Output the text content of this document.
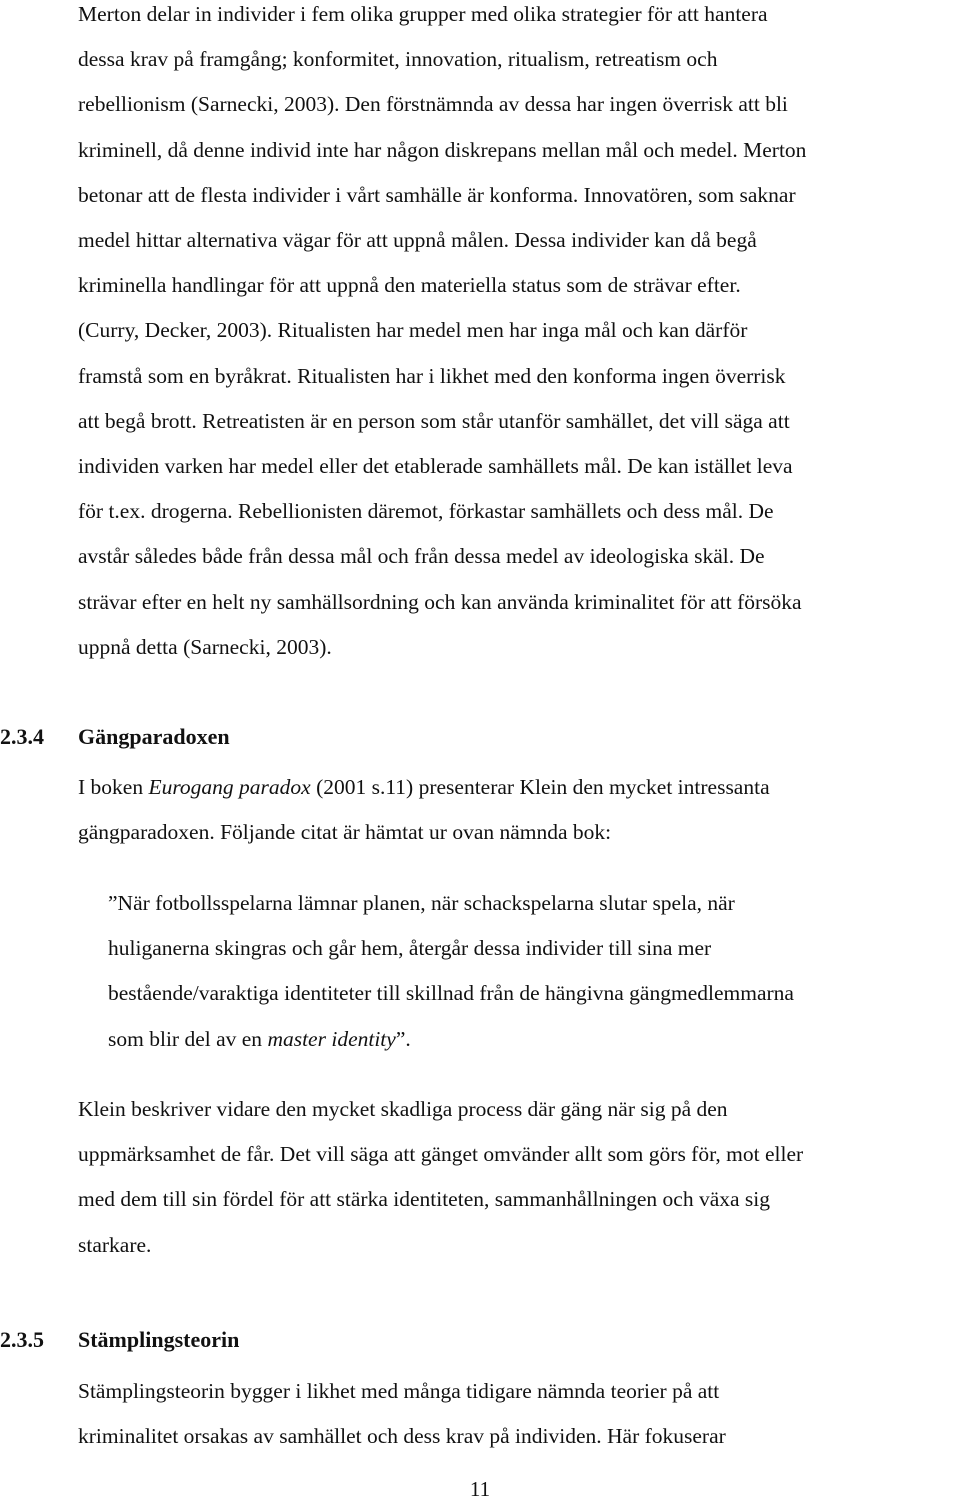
Merton delar in individer i fem olika grupper med olika strategier för att hantera
dessa krav på framgång; konformitet, innovation, ritualism, retreatism och
rebellionism (Sarnecki, 2003). Den förstnämnda av dessa har ingen överrisk att bli
kriminell, då denne individ inte har någon diskrepans mellan mål och medel. Merton
betonar att de flesta individer i vårt samhälle är konforma. Innovatören, som saknar
medel hittar alternativa vägar för att uppnå målen. Dessa individer kan då begå
kriminella handlingar för att uppnå den materiella status som de strävar efter.
(Curry, Decker, 2003). Ritualisten har medel men har inga mål och kan därför
framstå som en byråkrat. Ritualisten har i likhet med den konforma ingen överrisk
att begå brott. Retreatisten är en person som står utanför samhället, det vill säga att
individen varken har medel eller det etablerade samhällets mål. De kan istället leva
för t.ex. drogerna. Rebellionisten däremot, förkastar samhällets och dess mål. De
avstår således både från dessa mål och från dessa medel av ideologiska skäl. De
strävar efter en helt ny samhällsordning och kan använda kriminalitet för att försöka
uppnå detta (Sarnecki, 2003).
2.3.4	Gängparadoxen
I boken Eurogang paradox (2001 s.11) presenterar Klein den mycket intressanta
gängparadoxen. Följande citat är hämtat ur ovan nämnda bok:
”När fotbollsspelarna lämnar planen, när schackspelarna slutar spela, när
huliganerna skingras och går hem, återgår dessa individer till sina mer
bestående/varaktiga identiteter till skillnad från de hängivna gängmedlemmarna
som blir del av en master identity”.
Klein beskriver vidare den mycket skadliga process där gäng när sig på den
uppmärksamhet de får. Det vill säga att gänget omvänder allt som görs för, mot eller
med dem till sin fördel för att stärka identiteten, sammanhållningen och växa sig
starkare.
2.3.5	Stämplingsteorin
Stämplingsteorin bygger i likhet med många tidigare nämnda teorier på att
kriminalitet orsakas av samhället och dess krav på individen. Här fokuserar
11
